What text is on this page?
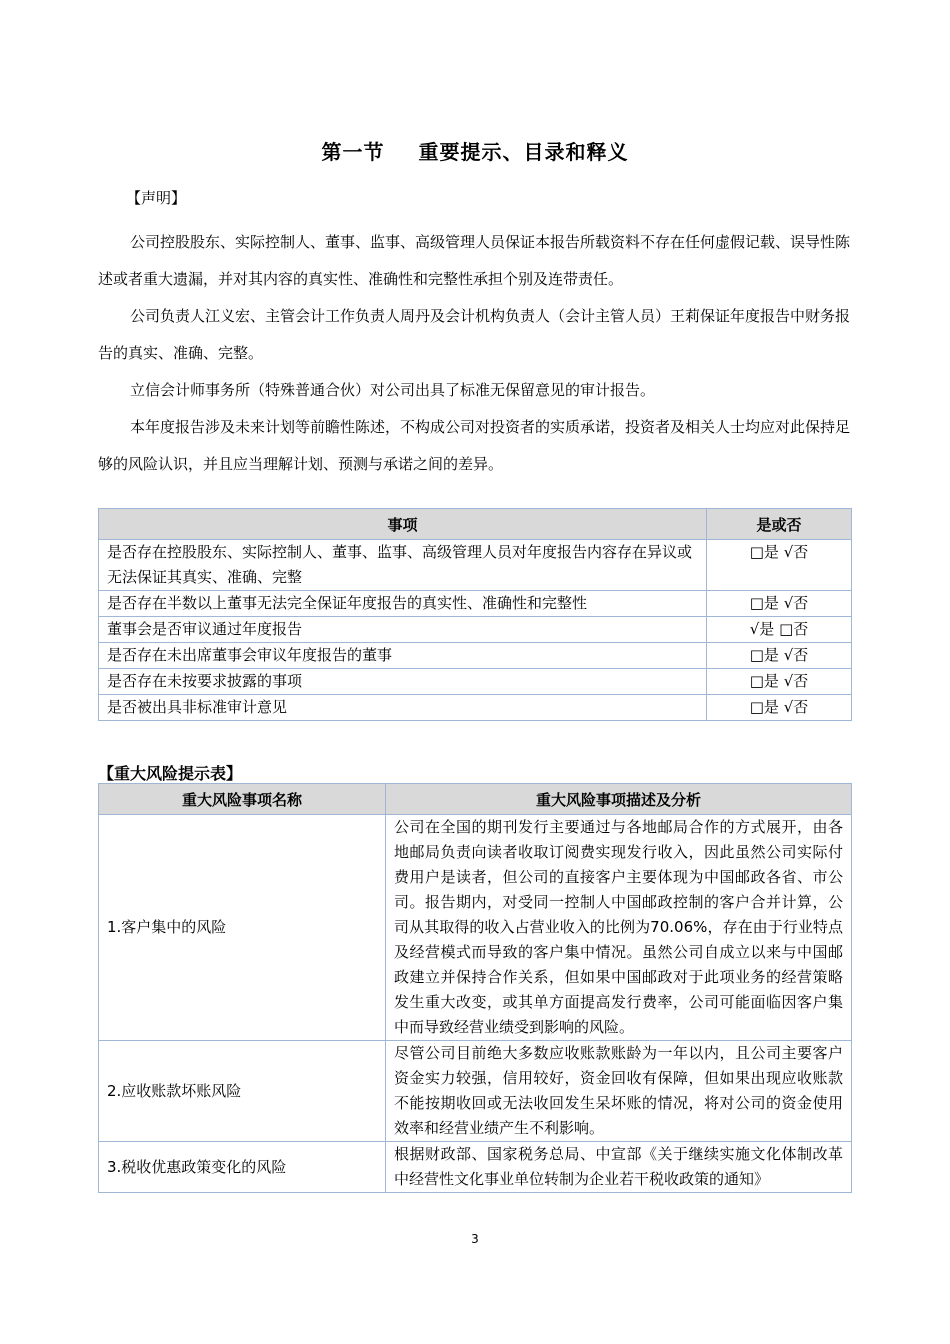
第一节 重要提示、目录和释义
【声明】

公司控股股东、实际控制人、董事、监事、高级管理人员保证本报告所载资料不存在任何虚假记载、误导性陈述或者重大遗漏，并对其内容的真实性、准确性和完整性承担个别及连带责任。

公司负责人江义宏、主管会计工作负责人周丹及会计机构负责人（会计主管人员）王莉保证年度报告中财务报告的真实、准确、完整。

立信会计师事务所（特殊普通合伙）对公司出具了标准无保留意见的审计报告。

本年度报告涉及未来计划等前瞻性陈述，不构成公司对投资者的实质承诺，投资者及相关人士均应对此保持足够的风险认识，并且应当理解计划、预测与承诺之间的差异。

事项	是或否
是否存在控股股东、实际控制人、董事、监事、高级管理人员对年度报告内容存在异议或无法保证其真实、准确、完整	□是 √否
是否存在半数以上董事无法完全保证年度报告的真实性、准确性和完整性	□是 √否
董事会是否审议通过年度报告	√是 □否
是否存在未出席董事会审议年度报告的董事	□是 √否
是否存在未按要求披露的事项	□是 √否
是否被出具非标准审计意见	□是 √否
【重大风险提示表】
重大风险事项名称	重大风险事项描述及分析
1.客户集中的风险	公司在全国的期刊发行主要通过与各地邮局合作的方式展开，由各地邮局负责向读者收取订阅费实现发行收入，因此虽然公司实际付费用户是读者，但公司的直接客户主要体现为中国邮政各省、市公司。报告期内，对受同一控制人中国邮政控制的客户合并计算，公司从其取得的收入占营业收入的比例为70.06%，存在由于行业特点及经营模式而导致的客户集中情况。虽然公司自成立以来与中国邮政建立并保持合作关系，但如果中国邮政对于此项业务的经营策略发生重大改变，或其单方面提高发行费率，公司可能面临因客户集中而导致经营业绩受到影响的风险。
2.应收账款坏账风险	尽管公司目前绝大多数应收账款账龄为一年以内，且公司主要客户资金实力较强，信用较好，资金回收有保障，但如果出现应收账款不能按期收回或无法收回发生呆坏账的情况，将对公司的资金使用效率和经营业绩产生不利影响。
3.税收优惠政策变化的风险	根据财政部、国家税务总局、中宣部《关于继续实施文化体制改革中经营性文化事业单位转制为企业若干税收政策的通知》
3
